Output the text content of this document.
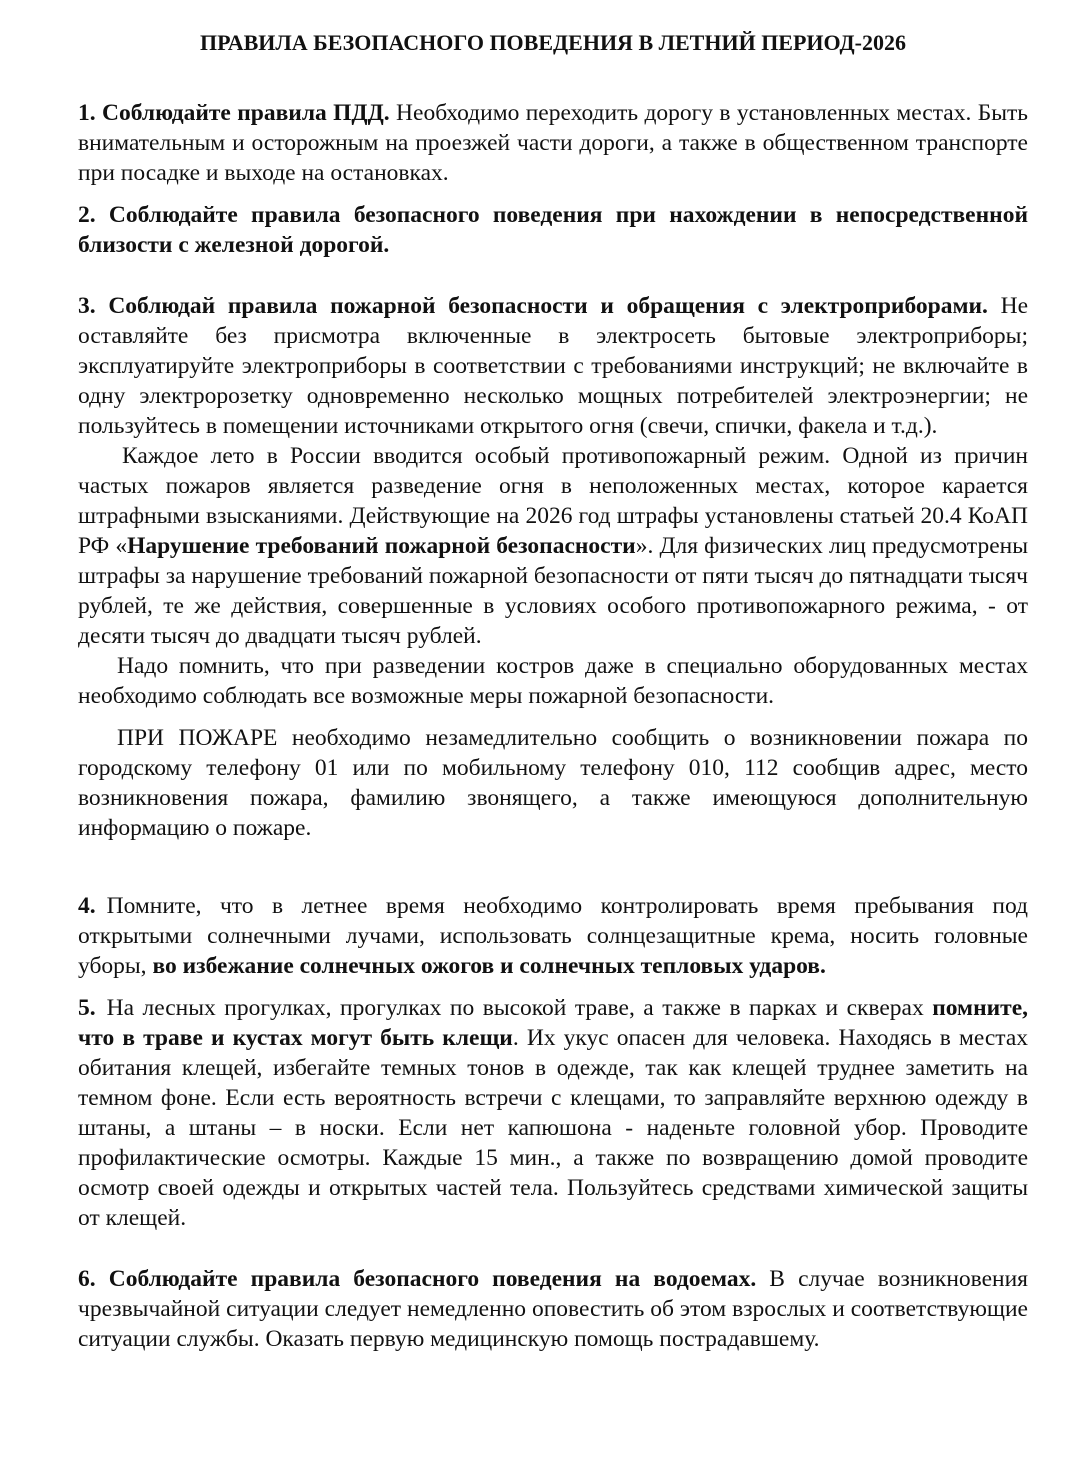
ПРАВИЛА БЕЗОПАСНОГО ПОВЕДЕНИЯ В ЛЕТНИЙ ПЕРИОД-2026

1. Соблюдайте правила ПДД. Необходимо переходить дорогу в установленных местах. Быть внимательным и осторожным на проезжей части дороги, а также в общественном транспорте при посадке и выходе на остановках.

2. Соблюдайте правила безопасного поведения при нахождении в непосредственной близости с железной дорогой.

3. Соблюдай правила пожарной безопасности и обращения с электроприборами. Не оставляйте без присмотра включенные в электросеть бытовые электроприборы; эксплуатируйте электроприборы в соответствии с требованиями инструкций; не включайте в одну электророзетку одновременно несколько мощных потребителей электроэнергии; не пользуйтесь в помещении источниками открытого огня (свечи, спички, факела и т.д.).

Каждое лето в России вводится особый противопожарный режим. Одной из причин частых пожаров является разведение огня в неположенных местах, которое карается штрафными взысканиями. Действующие на 2026 год штрафы установлены статьей 20.4 КоАП РФ «Нарушение требований пожарной безопасности». Для физических лиц предусмотрены штрафы за нарушение требований пожарной безопасности от пяти тысяч до пятнадцати тысяч рублей, те же действия, совершенные в условиях особого противопожарного режима, - от десяти тысяч до двадцати тысяч рублей.

Надо помнить, что при разведении костров даже в специально оборудованных местах необходимо соблюдать все возможные меры пожарной безопасности.

ПРИ ПОЖАРЕ необходимо незамедлительно сообщить о возникновении пожара по городскому телефону 01 или по мобильному телефону 010, 112 сообщив адрес, место возникновения пожара, фамилию звонящего, а также имеющуюся дополнительную информацию о пожаре.

4. Помните, что в летнее время необходимо контролировать время пребывания под открытыми солнечными лучами, использовать солнцезащитные крема, носить головные уборы, во избежание солнечных ожогов и солнечных тепловых ударов.

5. На лесных прогулках, прогулках по высокой траве, а также в парках и скверах помните, что в траве и кустах могут быть клещи. Их укус опасен для человека. Находясь в местах обитания клещей, избегайте темных тонов в одежде, так как клещей труднее заметить на темном фоне. Если есть вероятность встречи с клещами, то заправляйте верхнюю одежду в штаны, а штаны – в носки. Если нет капюшона - наденьте головной убор. Проводите профилактические осмотры. Каждые 15 мин., а также по возвращению домой проводите осмотр своей одежды и открытых частей тела. Пользуйтесь средствами химической защиты от клещей.

6. Соблюдайте правила безопасного поведения на водоемах. В случае возникновения чрезвычайной ситуации следует немедленно оповестить об этом взрослых и соответствующие ситуации службы. Оказать первую медицинскую помощь пострадавшему.
